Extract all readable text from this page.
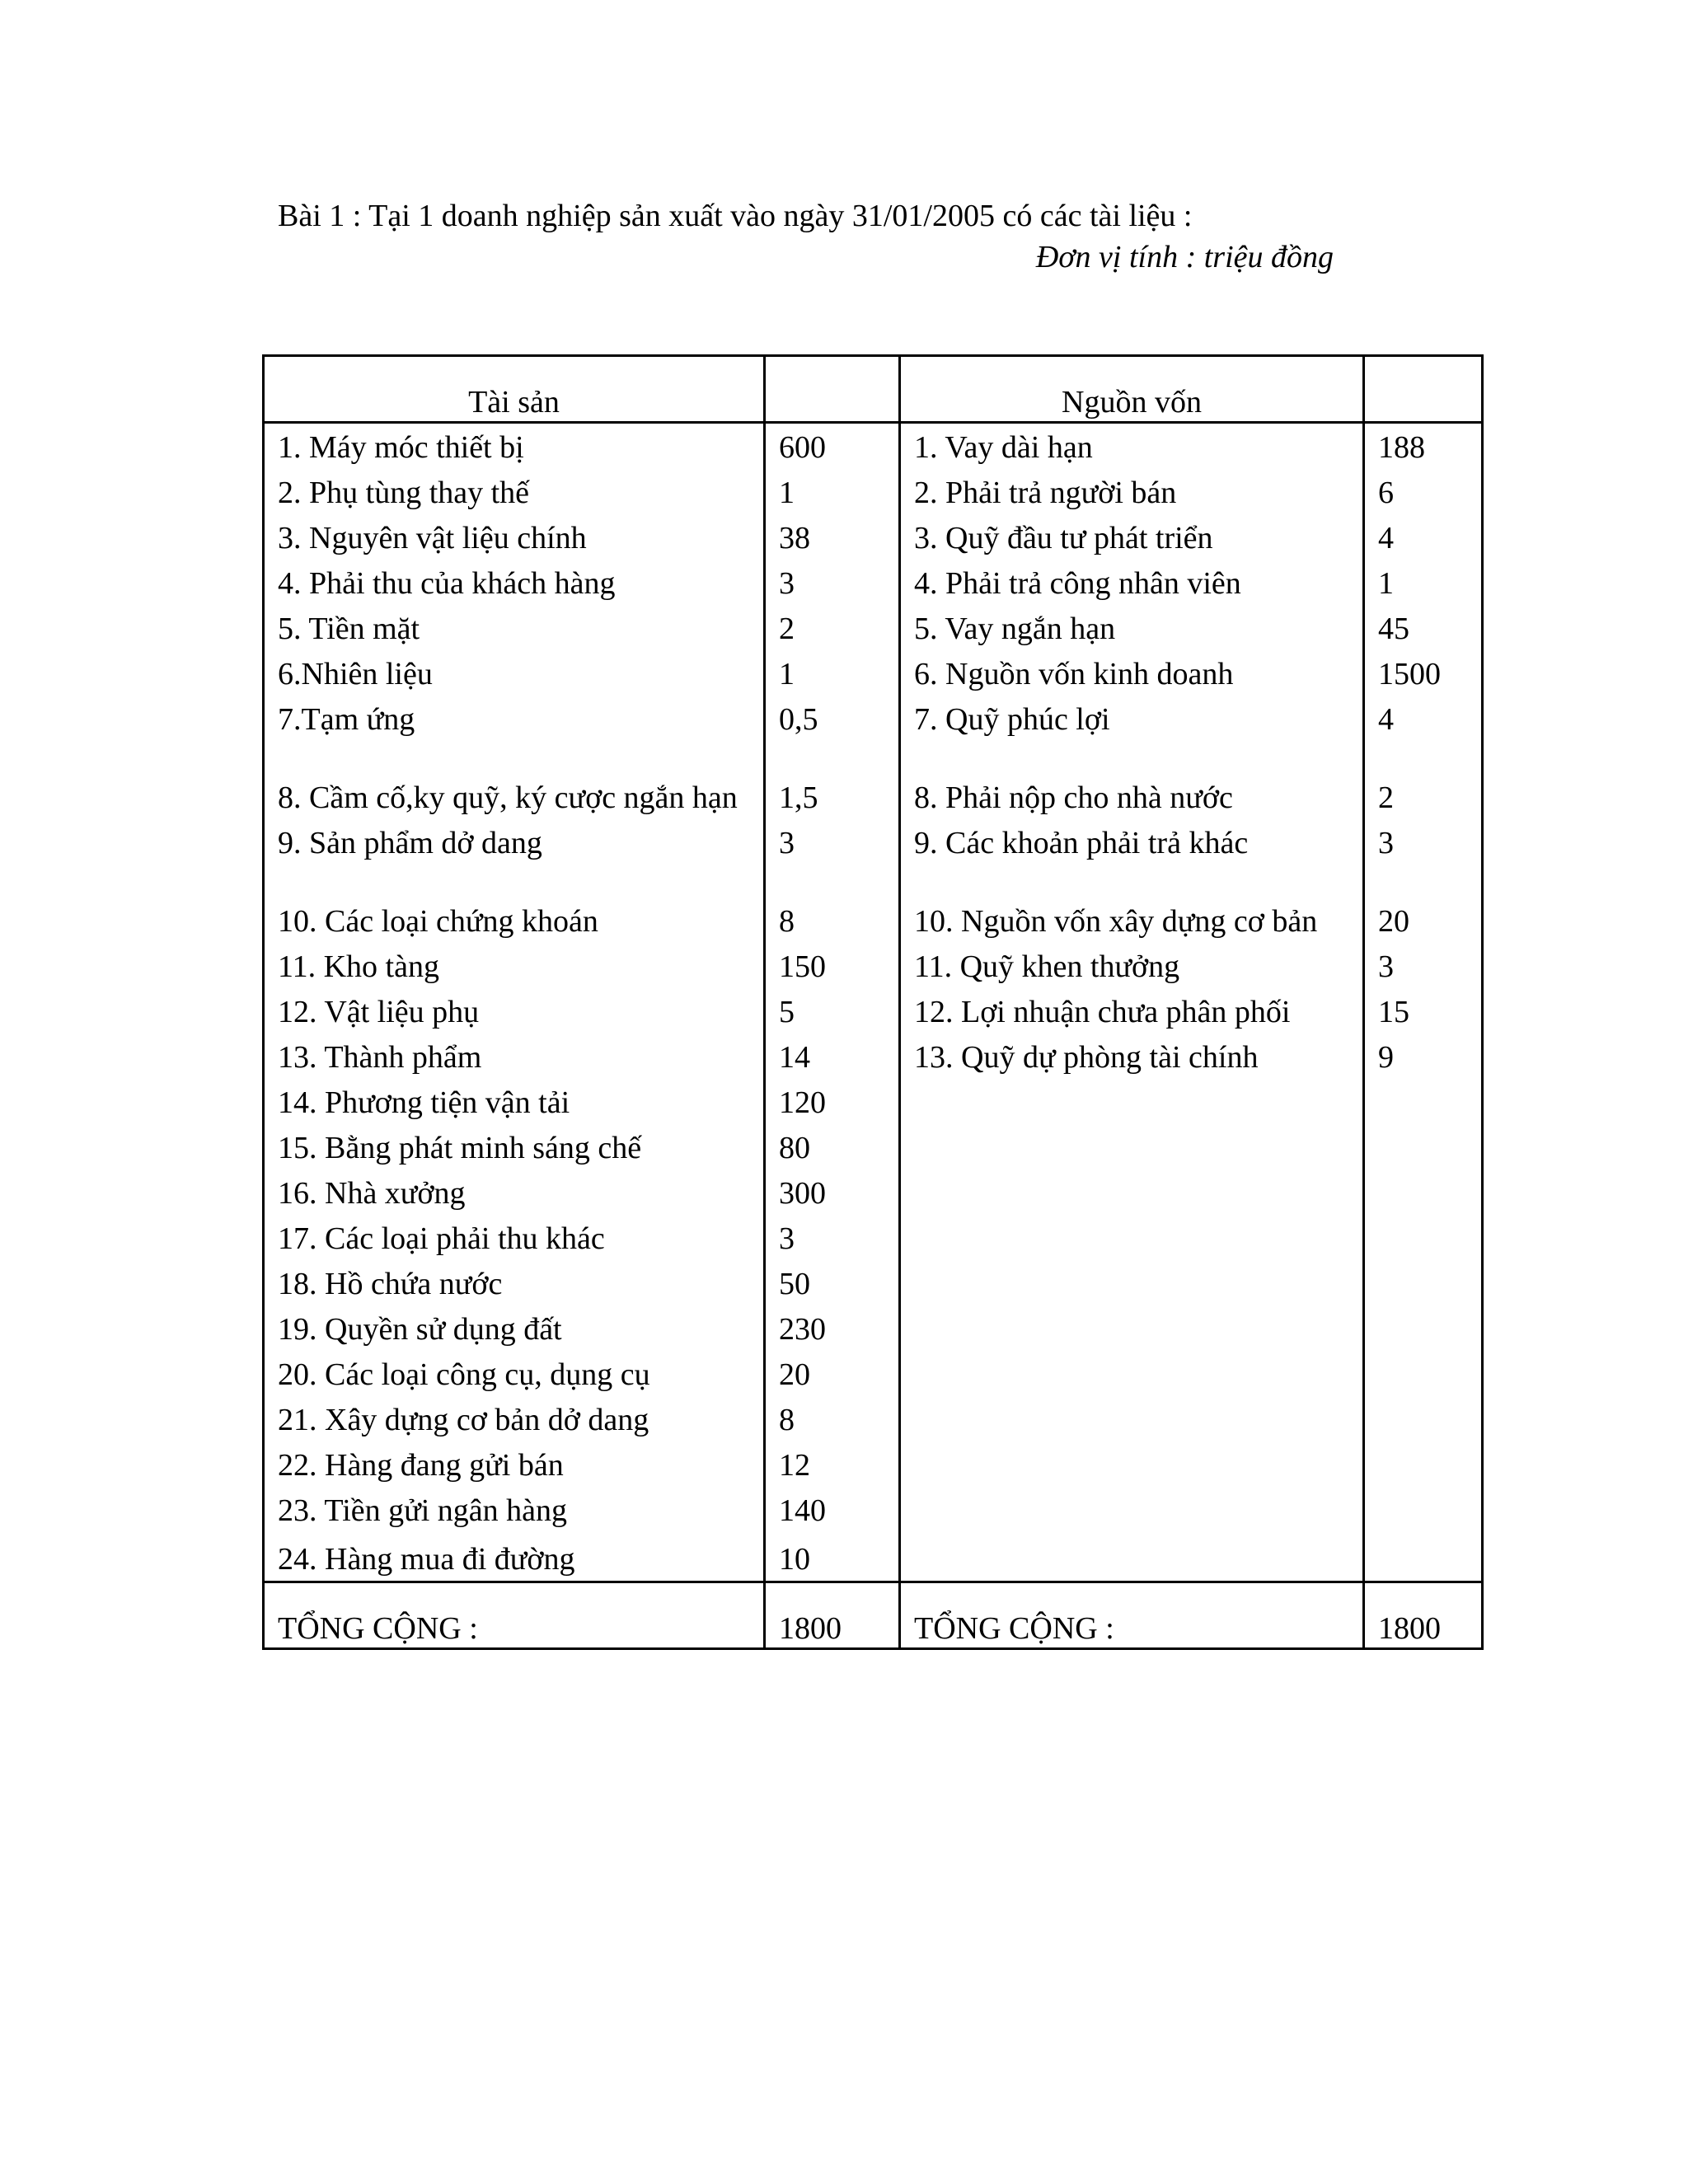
Bài 1 : Tại 1 doanh nghiệp sản xuất vào ngày 31/01/2005 có các tài liệu :
Đơn vị tính : triệu đồng
Tài sản		Nguồn vốn	
1. Máy móc thiết bị	600	1. Vay dài hạn	188
2. Phụ tùng thay thế	1	2. Phải trả người bán	6
3. Nguyên vật liệu chính	38	3. Quỹ đầu tư phát triển	4
4. Phải thu của khách hàng	3	4. Phải trả công nhân viên	1
5. Tiền mặt	2	5. Vay ngắn hạn	45
6.Nhiên liệu	1	6. Nguồn vốn kinh doanh	1500
7.Tạm ứng	0,5	7. Quỹ phúc lợi	4
8. Cầm cố,ky quỹ, ký cược ngắn hạn	1,5	8. Phải nộp cho nhà nước	2
9. Sản phẩm dở dang	3	9. Các khoản phải trả khác	3
10. Các loại chứng khoán	8	10. Nguồn vốn xây dựng cơ bản	20
11. Kho tàng	150	11. Quỹ khen thưởng	3
12. Vật liệu phụ	5	12. Lợi nhuận chưa phân phối	15
13. Thành phẩm	14	13. Quỹ dự phòng tài chính	9
14. Phương tiện vận tải	120		
15. Bằng phát minh sáng chế	80		
16. Nhà xưởng	300		
17. Các loại phải thu khác	3		
18. Hồ chứa nước	50		
19. Quyền sử dụng đất	230		
20. Các loại công cụ, dụng cụ	20		
21. Xây dựng cơ bản dở dang	8		
22. Hàng đang gửi bán	12		
23. Tiền gửi ngân hàng	140		
24. Hàng mua đi đường	10		
TỔNG CỘNG :	1800	TỔNG CỘNG :	1800
